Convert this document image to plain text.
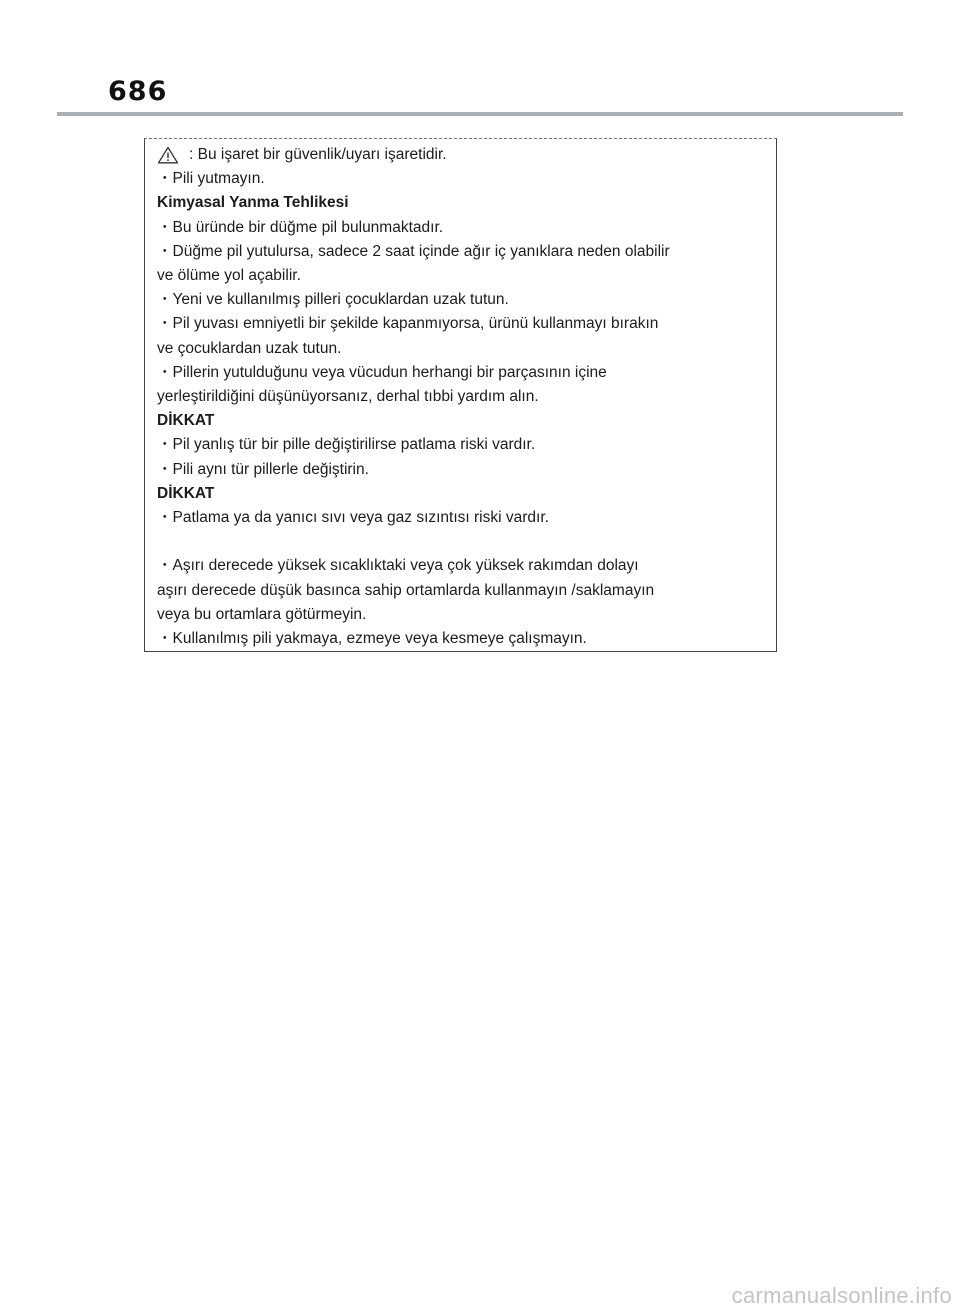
686
: Bu işaret bir güvenlik/uyarı işaretidir.
・Pili yutmayın.
Kimyasal Yanma Tehlikesi
・Bu üründe bir düğme pil bulunmaktadır.
・Düğme pil yutulursa, sadece 2 saat içinde ağır iç yanıklara neden olabilir
ve ölüme yol açabilir.
・Yeni ve kullanılmış pilleri çocuklardan uzak tutun.
・Pil yuvası emniyetli bir şekilde kapanmıyorsa, ürünü kullanmayı bırakın
ve çocuklardan uzak tutun.
・Pillerin yutulduğunu veya vücudun herhangi bir parçasının içine
yerleştirildiğini düşünüyorsanız, derhal tıbbi yardım alın.
DİKKAT
・Pil yanlış tür bir pille değiştirilirse patlama riski vardır.
・Pili aynı tür pillerle değiştirin.
DİKKAT
・Patlama ya da yanıcı sıvı veya gaz sızıntısı riski vardır.
・Aşırı derecede yüksek sıcaklıktaki veya çok yüksek rakımdan dolayı
aşırı derecede düşük basınca sahip ortamlarda kullanmayın /saklamayın
veya bu ortamlara götürmeyin.
・Kullanılmış pili yakmaya, ezmeye veya kesmeye çalışmayın.
carmanualsonline.info
